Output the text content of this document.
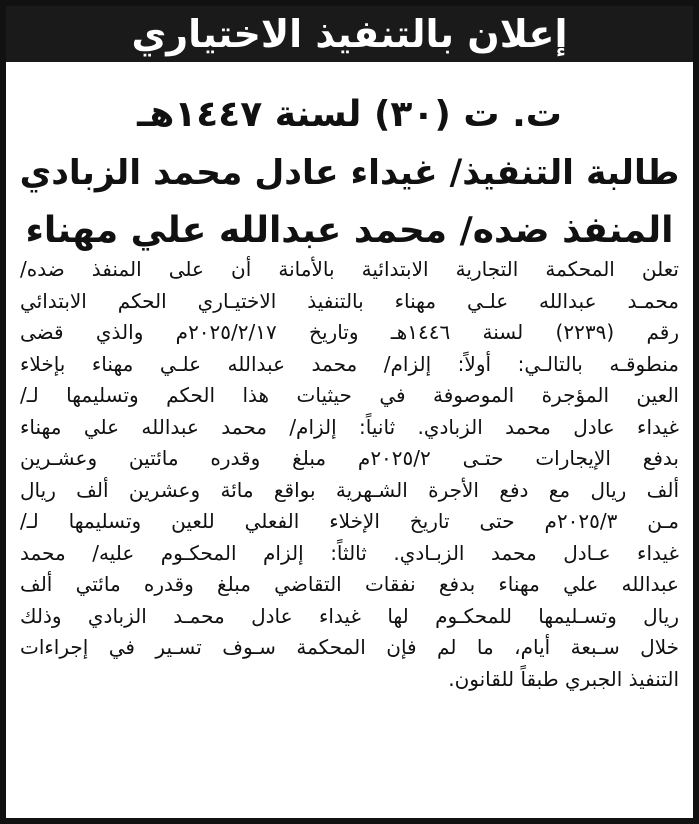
إعلان بالتنفيذ الاختياري
ت. ت (٣٠) لسنة ١٤٤٧هـ
طالبة التنفيذ/ غيداء عادل محمد الزبادي
المنفذ ضده/ محمد عبدالله علي مهناء
تعلن المحكمة التجارية الابتدائية بالأمانة أن على المنفذ ضده/
محمـد عبدالله علـي مهناء بالتنفيذ الاختيـاري الحكم الابتدائي
رقم (٢٢٣٩) لسنة ١٤٤٦هـ وتاريخ ٢٠٢٥/٢/١٧م والذي قضى
منطوقـه بالتالـي: أولاً: إلزام/ محمد عبدالله علـي مهناء بإخلاء
العين المؤجرة الموصوفة في حيثيات هذا الحكم وتسليمها لـ/
غيداء عادل محمد الزبادي. ثانياً: إلزام/ محمد عبدالله علي مهناء
بدفع الإيجارات حتـى ٢٠٢٥/٢م مبلغ وقدره مائتين وعشـرين
ألف ريال مع دفع الأجرة الشـهرية بواقع مائة وعشرين ألف ريال
مـن ٢٠٢٥/٣م حتى تاريخ الإخلاء الفعلي للعين وتسليمها لـ/
غيداء عـادل محمد الزبـادي. ثالثاً: إلزام المحكـوم عليه/ محمد
عبدالله علي مهناء بدفع نفقات التقاضي مبلغ وقدره مائتي ألف
ريال وتسـليمها للمحكـوم لها غيداء عادل محمـد الزبادي وذلك
خلال سـبعة أيام، ما لم فإن المحكمة سـوف تسـير في إجراءات
التنفيذ الجبري طبقاً للقانون.
